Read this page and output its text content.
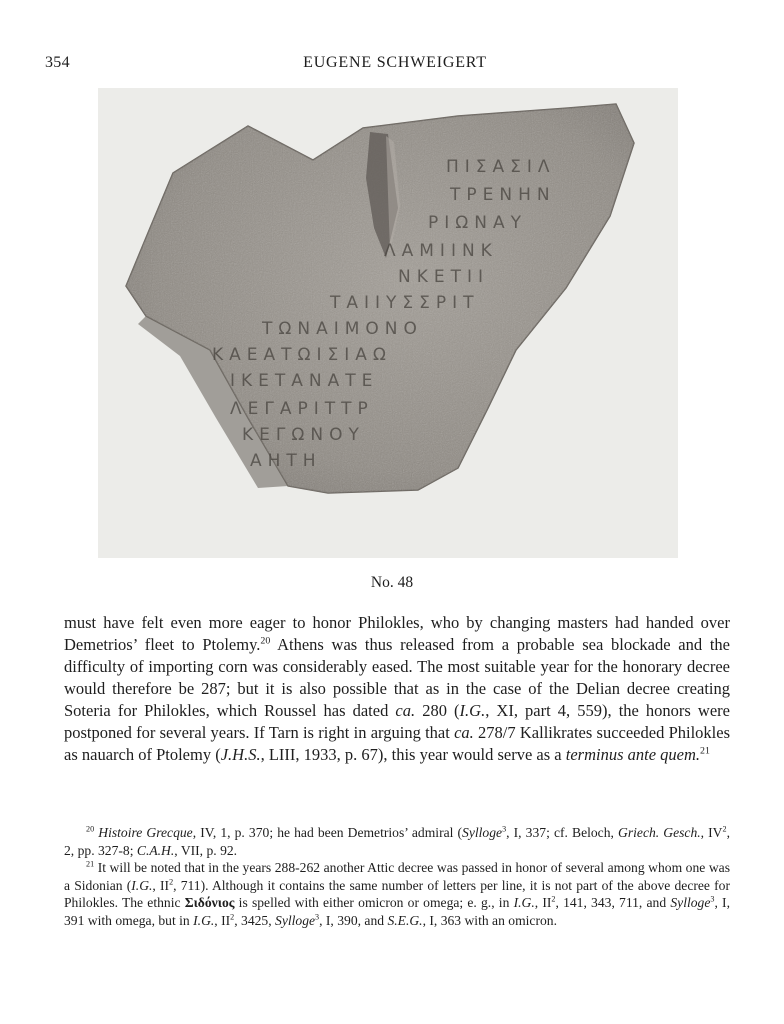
354	EUGENE SCHWEIGERT
ΠΙΣΑΣΙΛ
ΤΡΕΝΗΝ
ΡΙΩΝΑΥ
ΛΑΜΙΙΝΚ
ΝΚΕΤΙΙ
ΤΑΙΙΥΣΣΡΙΤ
ΤΩΝΑΙΜΟΝΟ
ΚΑΕΑΤΩΙΣΙΑΩ
ΙΚΕΤΑΝΑΤΕ
ΛΕΓΑΡΙΤΤΡ
ΚΕΓΩΝΟΥ
ΑΗΤΗ
No. 48

must have felt even more eager to honor Philokles, who by changing masters had handed over Demetrios’ fleet to Ptolemy.$^{20}$ Athens was thus released from a probable sea blockade and the difficulty of importing corn was considerably eased. The most suitable year for the honorary decree would therefore be 287; but it is also possible that as in the case of the Delian decree creating Soteria for Philokles, which Roussel has dated ca. 280 (I.G., XI, part 4, 559), the honors were postponed for several years. If Tarn is right in arguing that ca. 278/7 Kallikrates succeeded Philokles as nauarch of Ptolemy (J.H.S., LIII, 1933, p. 67), this year would serve as a terminus ante quem.$^{21}$

$^{20}$ Histoire Grecque, IV, 1, p. 370; he had been Demetrios’ admiral (Sylloge$^3$, I, 337; cf. Beloch, Griech. Gesch., $IV^2$, 2, pp. 327-8; C.A.H., VII, p. 92.

$^{21}$ It will be noted that in the years 288-262 another Attic decree was passed in honor of several among whom one was a Sidonian (I.G., $II^2$, 711). Although it contains the same number of letters per line, it is not part of the above decree for Philokles. The ethnic Σιδόνιος is spelled with either omicron or omega; e. g., in I.G., $II^2$, 141, 343, 711, and Sylloge$^3$, I, 391 with omega, but in I.G., $II^2$, 3425, Sylloge$^3$, I, 390, and S.E.G., I, 363 with an omicron.
